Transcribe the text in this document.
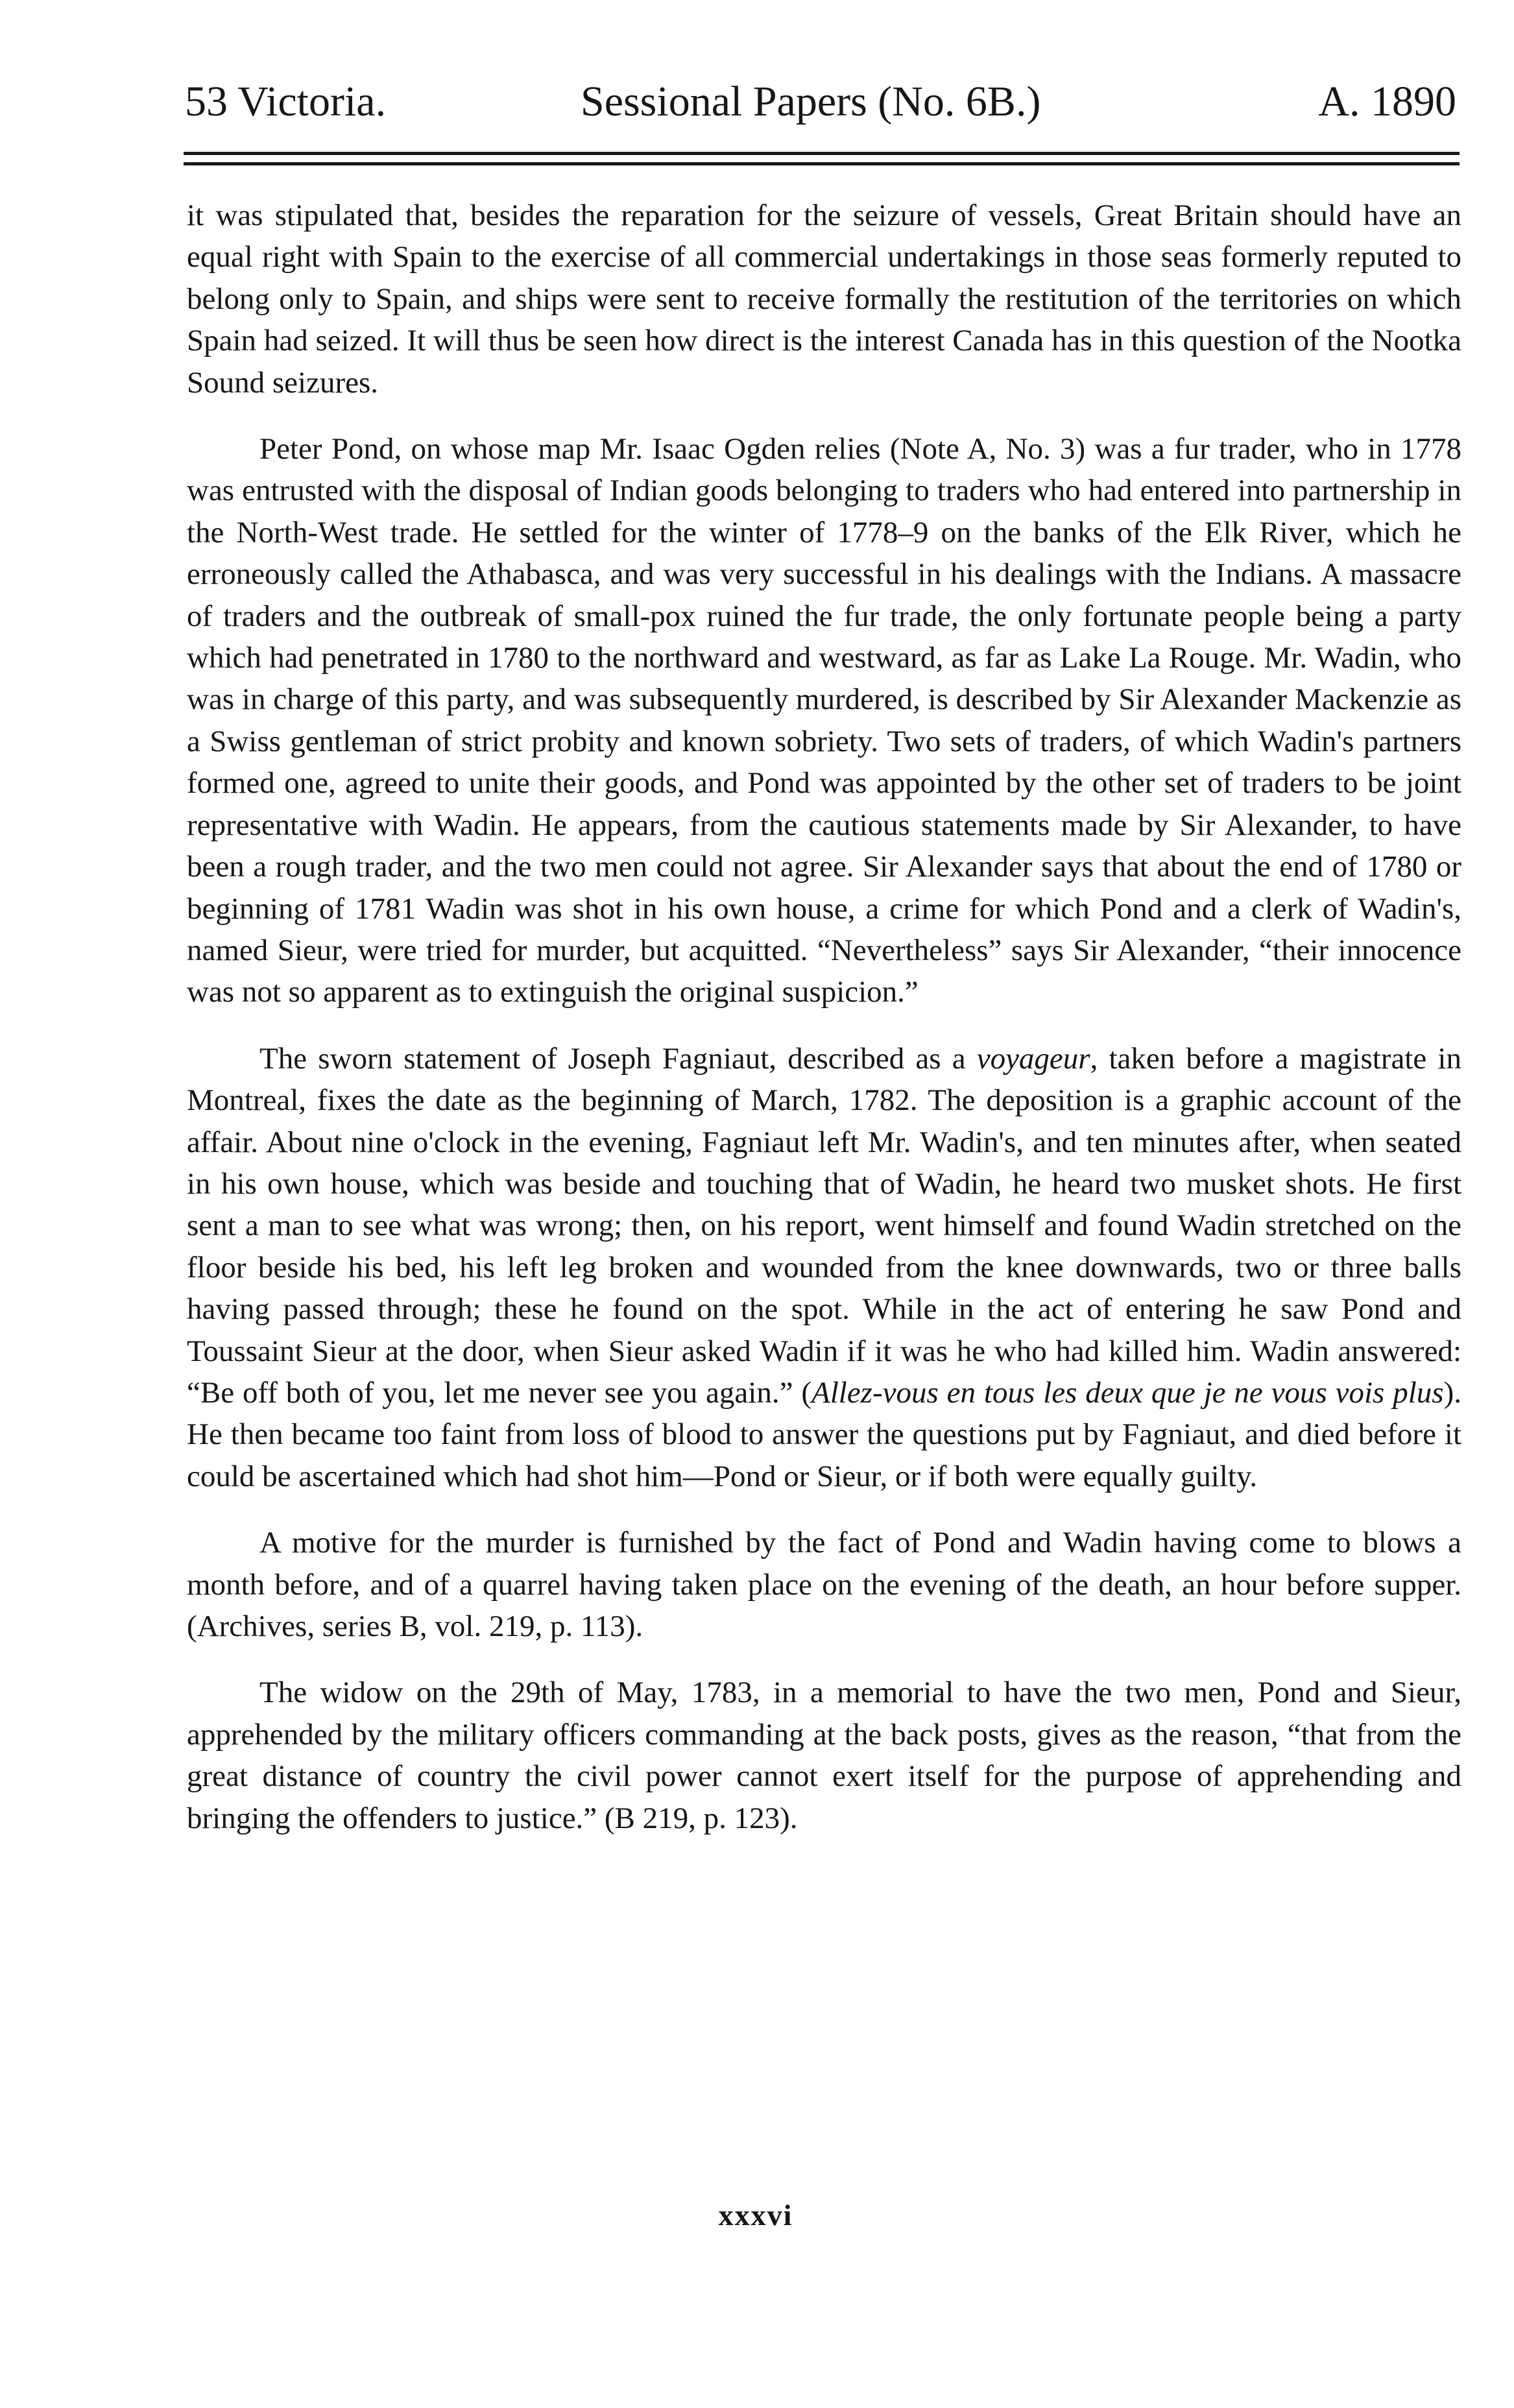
53 Victoria.	Sessional Papers (No. 6B.)	A. 1890

it was stipulated that, besides the reparation for the seizure of vessels, Great Britain should have an equal right with Spain to the exercise of all commercial undertakings in those seas formerly reputed to belong only to Spain, and ships were sent to receive formally the restitution of the territories on which Spain had seized. It will thus be seen how direct is the interest Canada has in this question of the Nootka Sound seizures.

Peter Pond, on whose map Mr. Isaac Ogden relies (Note A, No. 3) was a fur trader, who in 1778 was entrusted with the disposal of Indian goods belonging to traders who had entered into partnership in the North-West trade. He settled for the winter of 1778–9 on the banks of the Elk River, which he erroneously called the Athabasca, and was very successful in his dealings with the Indians. A massacre of traders and the outbreak of small-pox ruined the fur trade, the only fortunate people being a party which had penetrated in 1780 to the northward and westward, as far as Lake La Rouge. Mr. Wadin, who was in charge of this party, and was subsequently murdered, is described by Sir Alexander Mackenzie as a Swiss gentleman of strict probity and known sobriety. Two sets of traders, of which Wadin's partners formed one, agreed to unite their goods, and Pond was appointed by the other set of traders to be joint representative with Wadin. He appears, from the cautious statements made by Sir Alexander, to have been a rough trader, and the two men could not agree. Sir Alexander says that about the end of 1780 or beginning of 1781 Wadin was shot in his own house, a crime for which Pond and a clerk of Wadin's, named Sieur, were tried for murder, but acquitted. “Nevertheless” says Sir Alexander, “their innocence was not so apparent as to extinguish the original suspicion.”

The sworn statement of Joseph Fagniaut, described as a voyageur, taken before a magistrate in Montreal, fixes the date as the beginning of March, 1782. The deposition is a graphic account of the affair. About nine o'clock in the evening, Fagniaut left Mr. Wadin's, and ten minutes after, when seated in his own house, which was beside and touching that of Wadin, he heard two musket shots. He first sent a man to see what was wrong; then, on his report, went himself and found Wadin stretched on the floor beside his bed, his left leg broken and wounded from the knee downwards, two or three balls having passed through; these he found on the spot. While in the act of entering he saw Pond and Toussaint Sieur at the door, when Sieur asked Wadin if it was he who had killed him. Wadin answered: “Be off both of you, let me never see you again.” (Allez-vous en tous les deux que je ne vous vois plus). He then became too faint from loss of blood to answer the questions put by Fagniaut, and died before it could be ascertained which had shot him—Pond or Sieur, or if both were equally guilty.

A motive for the murder is furnished by the fact of Pond and Wadin having come to blows a month before, and of a quarrel having taken place on the evening of the death, an hour before supper. (Archives, series B, vol. 219, p. 113).

The widow on the 29th of May, 1783, in a memorial to have the two men, Pond and Sieur, apprehended by the military officers commanding at the back posts, gives as the reason, “that from the great distance of country the civil power cannot exert itself for the purpose of apprehending and bringing the offenders to justice.” (B 219, p. 123).

xxxvi
